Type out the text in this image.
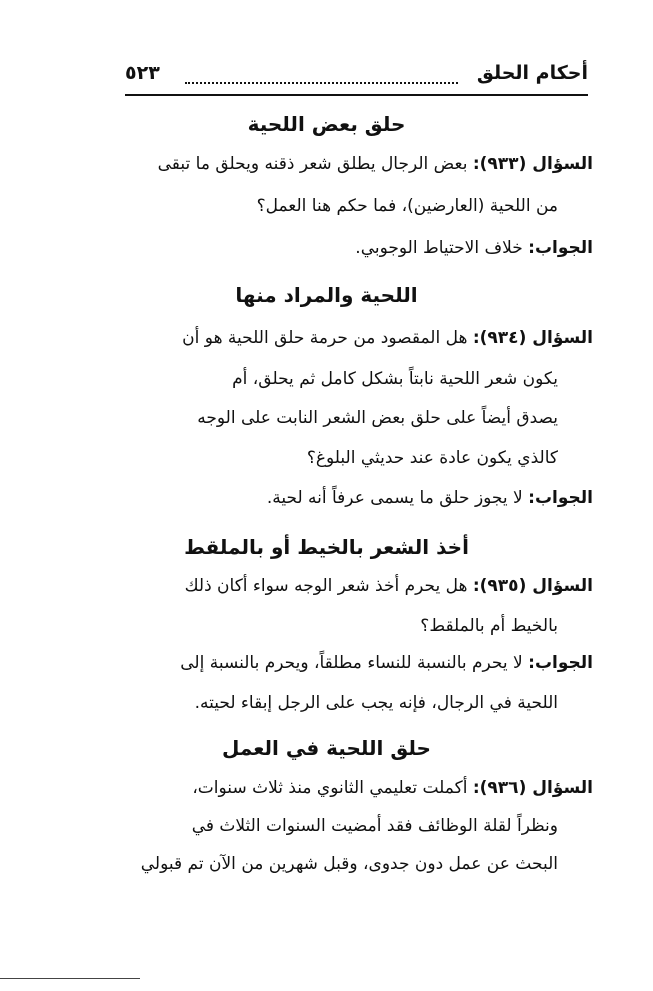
أحكام الحلق
٥٢٣
حلق بعض اللحية
السؤال (٩٣٣): بعض الرجال يطلق شعر ذقنه ويحلق ما تبقى
من اللحية (العارضين)، فما حكم هنا العمل؟
الجواب: خلاف الاحتياط الوجوبي.
اللحية والمراد منها
السؤال (٩٣٤): هل المقصود من حرمة حلق اللحية هو أن
يكون شعر اللحية نابتاً بشكل كامل ثم يحلق، أم
يصدق أيضاً على حلق بعض الشعر النابت على الوجه
كالذي يكون عادة عند حديثي البلوغ؟
الجواب: لا يجوز حلق ما يسمى عرفاً أنه لحية.
أخذ الشعر بالخيط أو بالملقط
السؤال (٩٣٥): هل يحرم أخذ شعر الوجه سواء أكان ذلك
بالخيط أم بالملقط؟
الجواب: لا يحرم بالنسبة للنساء مطلقاً، ويحرم بالنسبة إلى
اللحية في الرجال، فإنه يجب على الرجل إبقاء لحيته.
حلق اللحية في العمل
السؤال (٩٣٦): أكملت تعليمي الثانوي منذ ثلاث سنوات،
ونظراً لقلة الوظائف فقد أمضيت السنوات الثلاث في
البحث عن عمل دون جدوى، وقبل شهرين من الآن تم قبولي
